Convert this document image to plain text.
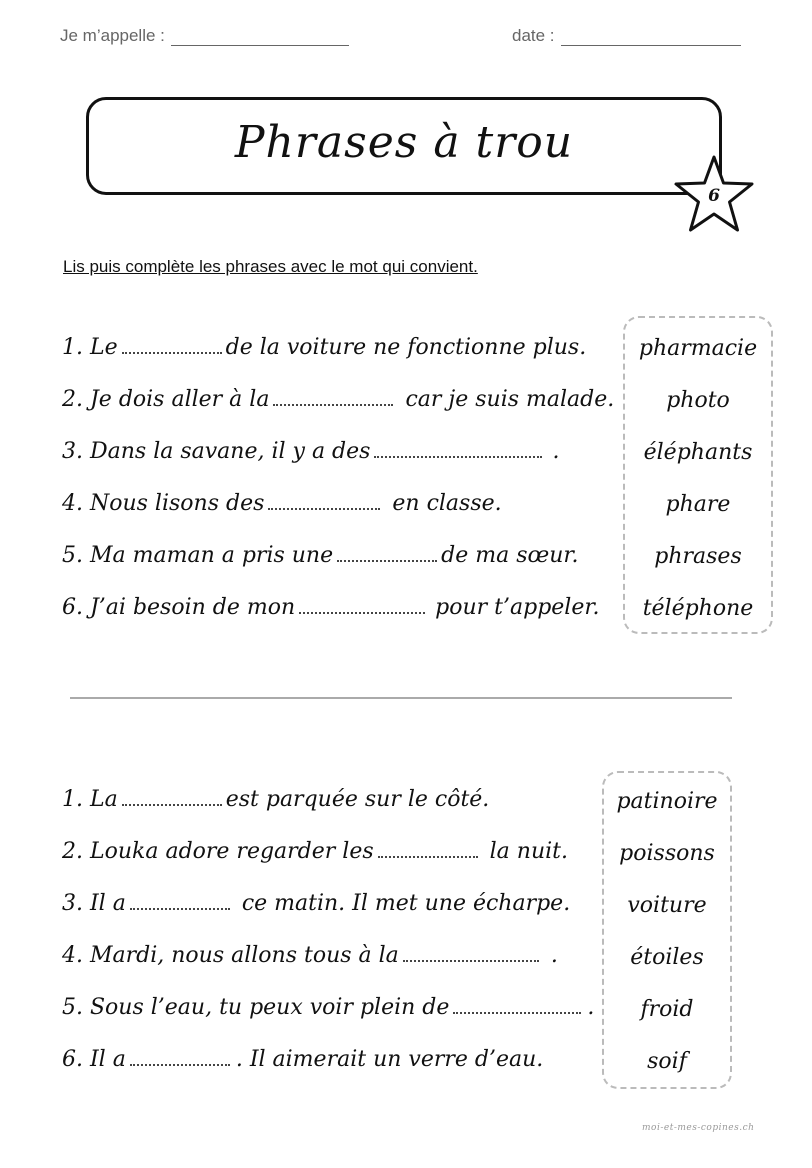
Je m’appelle :	date :
Phrases à trou
6
Lis puis complète les phrases avec le mot qui convient.
1. Le	de la voiture ne fonctionne plus.
2. Je dois aller à la	car je suis malade.
3. Dans la savane, il y a des	.
4. Nous lisons des	en classe.
5. Ma maman a pris une	de ma sœur.
6. J’ai besoin de mon	pour t’appeler.
pharmacie
photo
éléphants
phare
phrases
téléphone
1. La	est parquée sur le côté.
2. Louka adore regarder les	la nuit.
3. Il a	ce matin. Il met une écharpe.
4. Mardi, nous allons tous à la	.
5. Sous l’eau, tu peux voir plein de	.
6. Il a	. Il aimerait un verre d’eau.
patinoire
poissons
voiture
étoiles
froid
soif
moi-et-mes-copines.ch
